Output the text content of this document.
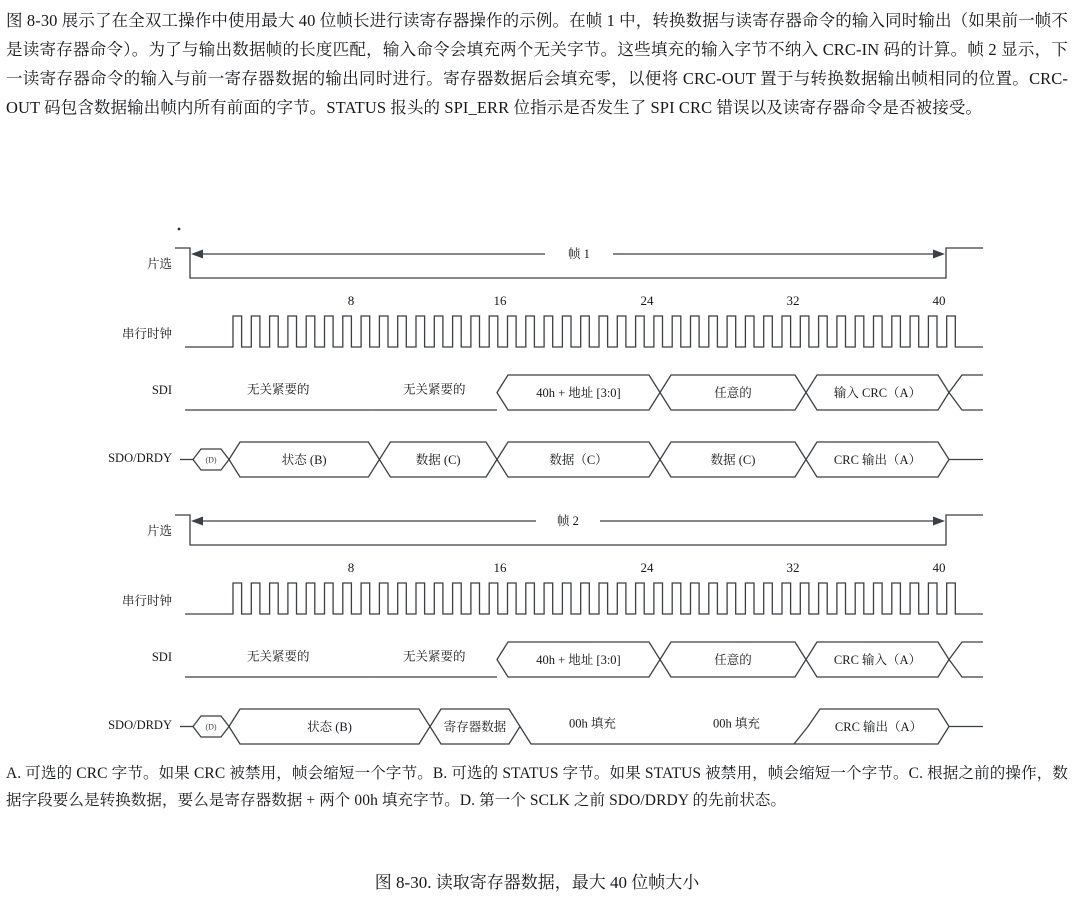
图 8-30 展示了在全双工操作中使用最大 40 位帧长进行读寄存器操作的示例。在帧 1 中，转换数据与读寄存器命令的输入同时输出（如果前一帧不是读寄存器命令）。为了与输出数据帧的长度匹配，输入命令会填充两个无关字节。这些填充的输入字节不纳入 CRC-IN 码的计算。帧 2 显示，下一读寄存器命令的输入与前一寄存器数据的输出同时进行。寄存器数据后会填充零，以便将 CRC-OUT 置于与转换数据输出帧相同的位置。CRC-OUT 码包含数据输出帧内所有前面的字节。STATUS 报头的 SPI_ERR 位指示是否发生了 SPI CRC 错误以及读寄存器命令是否被接受。
片选
帧 1
串行时钟
8	16	24	32	40
SDI	无关紧要的	无关紧要的	40h + 地址 [3:0]	任意的	输入 CRC（A）
SDO/DRDY	(D)	状态 (B)	数据 (C)	数据（C）	数据 (C)	CRC 输出（A）
片选
帧 2
串行时钟
8	16	24	32	40
SDI	无关紧要的	无关紧要的	40h + 地址 [3:0]	任意的	CRC 输入（A）
SDO/DRDY	(D)	状态 (B)	寄存器数据	00h 填充	00h 填充	CRC 输出（A）
A. 可选的 CRC 字节。如果 CRC 被禁用，帧会缩短一个字节。B. 可选的 STATUS 字节。如果 STATUS 被禁用，帧会缩短一个字节。C. 根据之前的操作，数据字段要么是转换数据，要么是寄存器数据 + 两个 00h 填充字节。D. 第一个 SCLK 之前 SDO/DRDY 的先前状态。
图 8-30. 读取寄存器数据，最大 40 位帧大小
